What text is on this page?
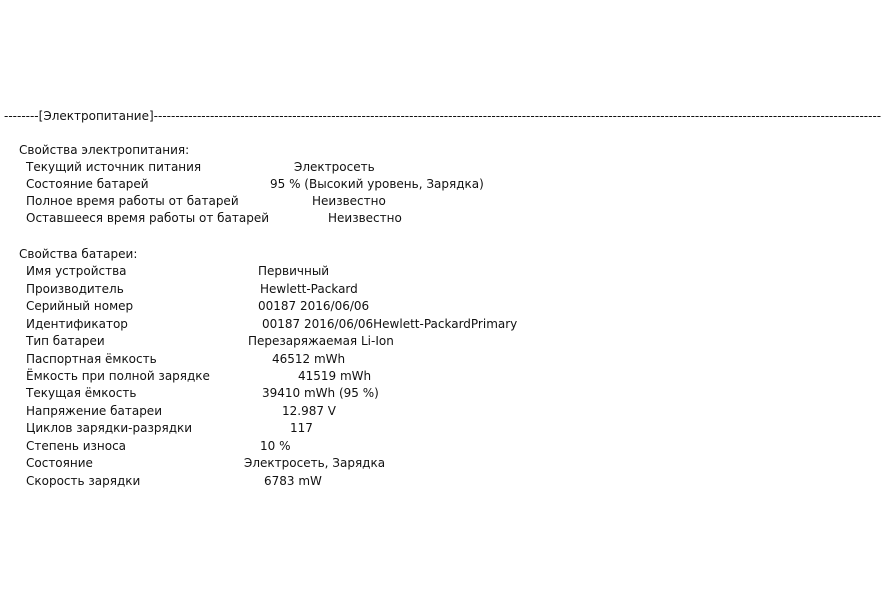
--------[ Электропитание ]------------------------------------------------------------------------------------------------------------------------------------------------------------------------
Свойства электропитания:
Текущий источник питания	Электросеть
Состояние батарей	95 % (Высокий уровень, Зарядка)
Полное время работы от батарей	Неизвестно
Оставшееся время работы от батарей	Неизвестно
Свойства батареи:
Имя устройства	Первичный
Производитель	Hewlett-Packard
Серийный номер	00187 2016/06/06
Идентификатор	00187 2016/06/06Hewlett-PackardPrimary
Тип батареи	Перезаряжаемая Li-Ion
Паспортная ёмкость	46512 mWh
Ёмкость при полной зарядке	41519 mWh
Текущая ёмкость	39410 mWh (95 %)
Напряжение батареи	12.987 V
Циклов зарядки-разрядки	117
Степень износа	10 %
Состояние	Электросеть, Зарядка
Скорость зарядки	6783 mW
